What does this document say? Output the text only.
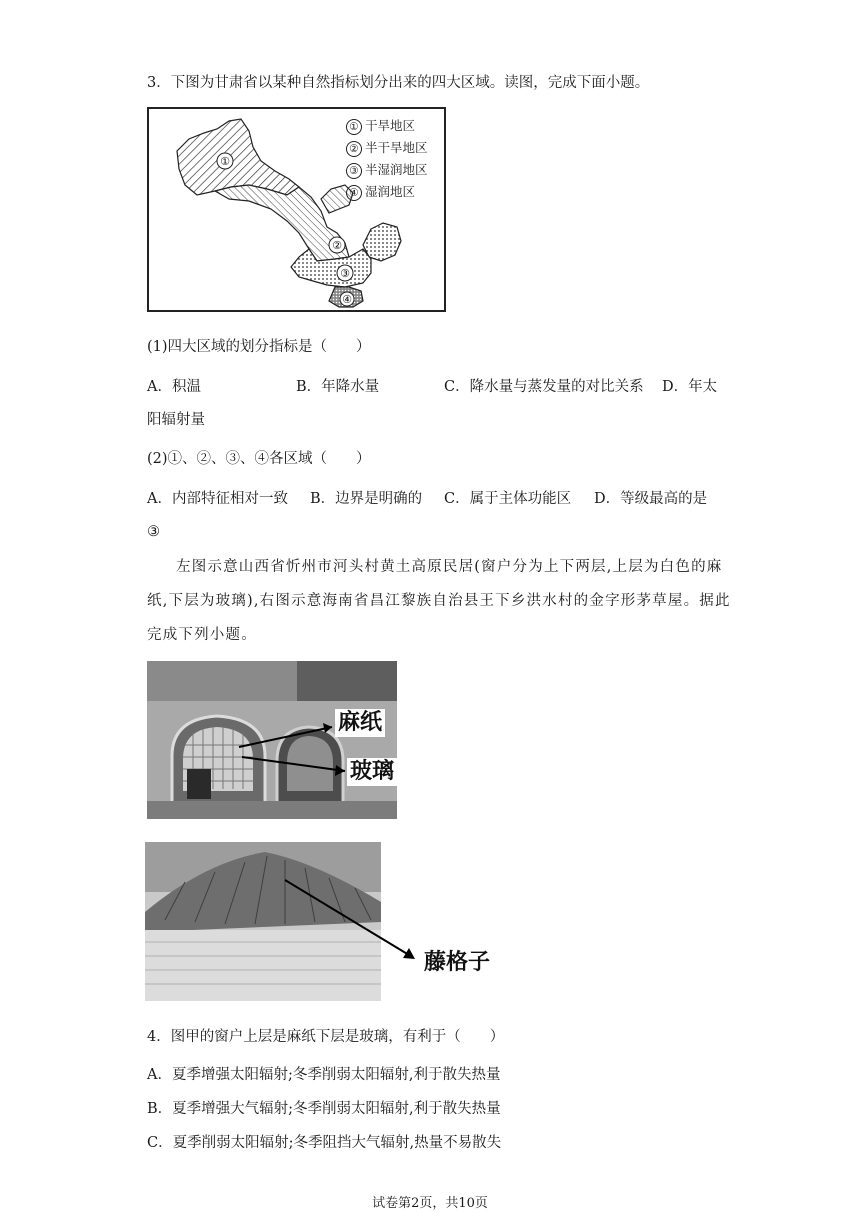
3．下图为甘肃省以某种自然指标划分出来的四大区域。读图，完成下面小题。
①
②
③
④
① 干旱地区
② 半干旱地区
③ 半湿润地区
④ 湿润地区
(1)四大区域的划分指标是（　　）
A．积温	B．年降水量	C．降水量与蒸发量的对比关系 D．年太
阳辐射量
(2)①、②、③、④各区域（　　）
A．内部特征相对一致 B．边界是明确的 C．属于主体功能区 D．等级最高的是
③
左图示意山西省忻州市河头村黄土高原民居(窗户分为上下两层,上层为白色的麻
纸,下层为玻璃),右图示意海南省昌江黎族自治县王下乡洪水村的金字形茅草屋。据此
完成下列小题。
麻纸
玻璃
藤格子
4．图甲的窗户上层是麻纸下层是玻璃，有利于（　　）
A．夏季增强太阳辐射;冬季削弱太阳辐射,利于散失热量
B．夏季增强大气辐射;冬季削弱太阳辐射,利于散失热量
C．夏季削弱太阳辐射;冬季阻挡大气辐射,热量不易散失
试卷第2页，共10页
